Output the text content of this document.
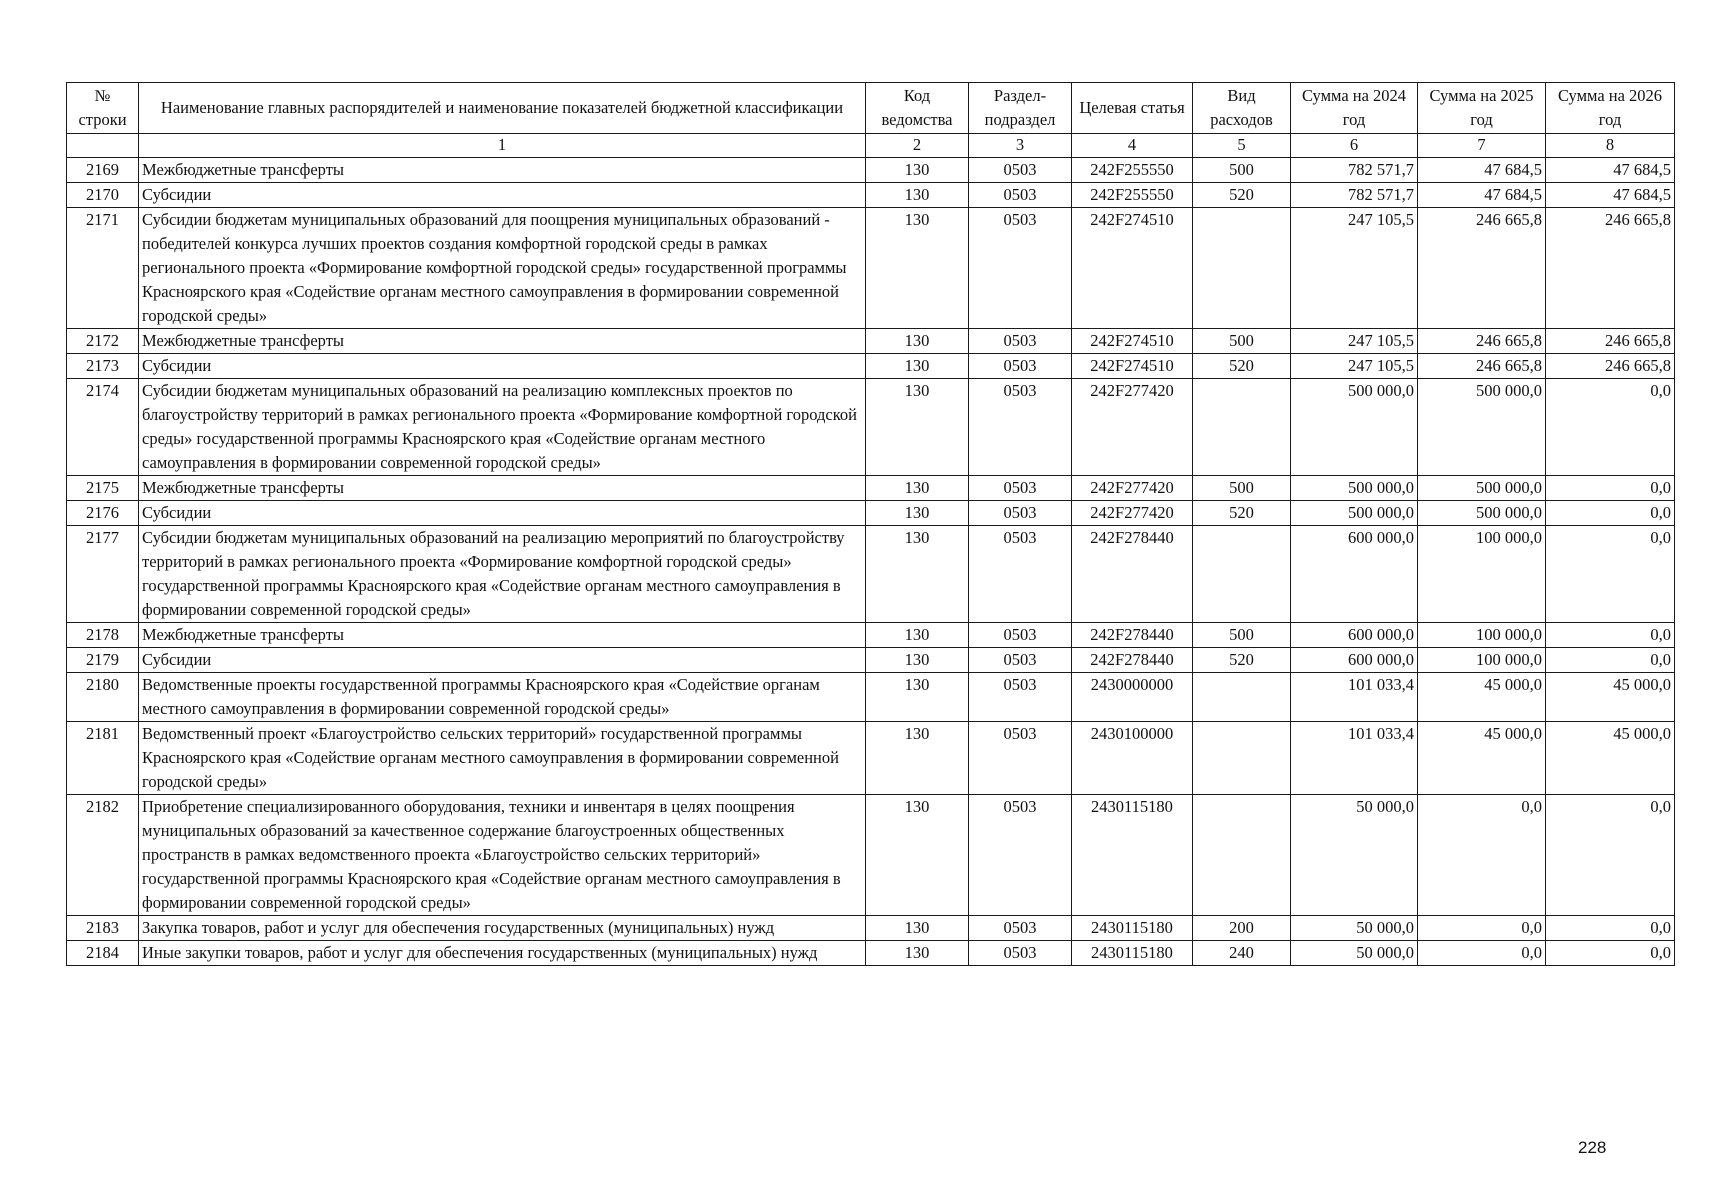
№ строки	Наименование главных распорядителей и наименование показателей бюджетной классификации	Код ведомства	Раздел-подраздел	Целевая статья	Вид расходов	Сумма на 2024 год	Сумма на 2025 год	Сумма на 2026 год
	1	2	3	4	5	6	7	8
2169	Межбюджетные трансферты	130	0503	242F255550	500	782 571,7	47 684,5	47 684,5
2170	Субсидии	130	0503	242F255550	520	782 571,7	47 684,5	47 684,5
2171	Субсидии бюджетам муниципальных образований для поощрения муниципальных образований - победителей конкурса лучших проектов создания комфортной городской среды в рамках регионального проекта «Формирование комфортной городской среды» государственной программы Красноярского края «Содействие органам местного самоуправления в формировании современной городской среды»	130	0503	242F274510		247 105,5	246 665,8	246 665,8
2172	Межбюджетные трансферты	130	0503	242F274510	500	247 105,5	246 665,8	246 665,8
2173	Субсидии	130	0503	242F274510	520	247 105,5	246 665,8	246 665,8
2174	Субсидии бюджетам муниципальных образований на реализацию комплексных проектов по благоустройству территорий в рамках регионального проекта «Формирование комфортной городской среды» государственной программы Красноярского края «Содействие органам местного самоуправления в формировании современной городской среды»	130	0503	242F277420		500 000,0	500 000,0	0,0
2175	Межбюджетные трансферты	130	0503	242F277420	500	500 000,0	500 000,0	0,0
2176	Субсидии	130	0503	242F277420	520	500 000,0	500 000,0	0,0
2177	Субсидии бюджетам муниципальных образований на реализацию мероприятий по благоустройству территорий в рамках регионального проекта «Формирование комфортной городской среды» государственной программы Красноярского края «Содействие органам местного самоуправления в формировании современной городской среды»	130	0503	242F278440		600 000,0	100 000,0	0,0
2178	Межбюджетные трансферты	130	0503	242F278440	500	600 000,0	100 000,0	0,0
2179	Субсидии	130	0503	242F278440	520	600 000,0	100 000,0	0,0
2180	Ведомственные проекты государственной программы Красноярского края «Содействие органам местного самоуправления в формировании современной городской среды»	130	0503	2430000000		101 033,4	45 000,0	45 000,0
2181	Ведомственный проект «Благоустройство сельских территорий» государственной программы Красноярского края «Содействие органам местного самоуправления в формировании современной городской среды»	130	0503	2430100000		101 033,4	45 000,0	45 000,0
2182	Приобретение специализированного оборудования, техники и инвентаря в целях поощрения муниципальных образований за качественное содержание благоустроенных общественных пространств в рамках ведомственного проекта «Благоустройство сельских территорий» государственной программы Красноярского края «Содействие органам местного самоуправления в формировании современной городской среды»	130	0503	2430115180		50 000,0	0,0	0,0
2183	Закупка товаров, работ и услуг для обеспечения государственных (муниципальных) нужд	130	0503	2430115180	200	50 000,0	0,0	0,0
2184	Иные закупки товаров, работ и услуг для обеспечения государственных (муниципальных) нужд	130	0503	2430115180	240	50 000,0	0,0	0,0
228
